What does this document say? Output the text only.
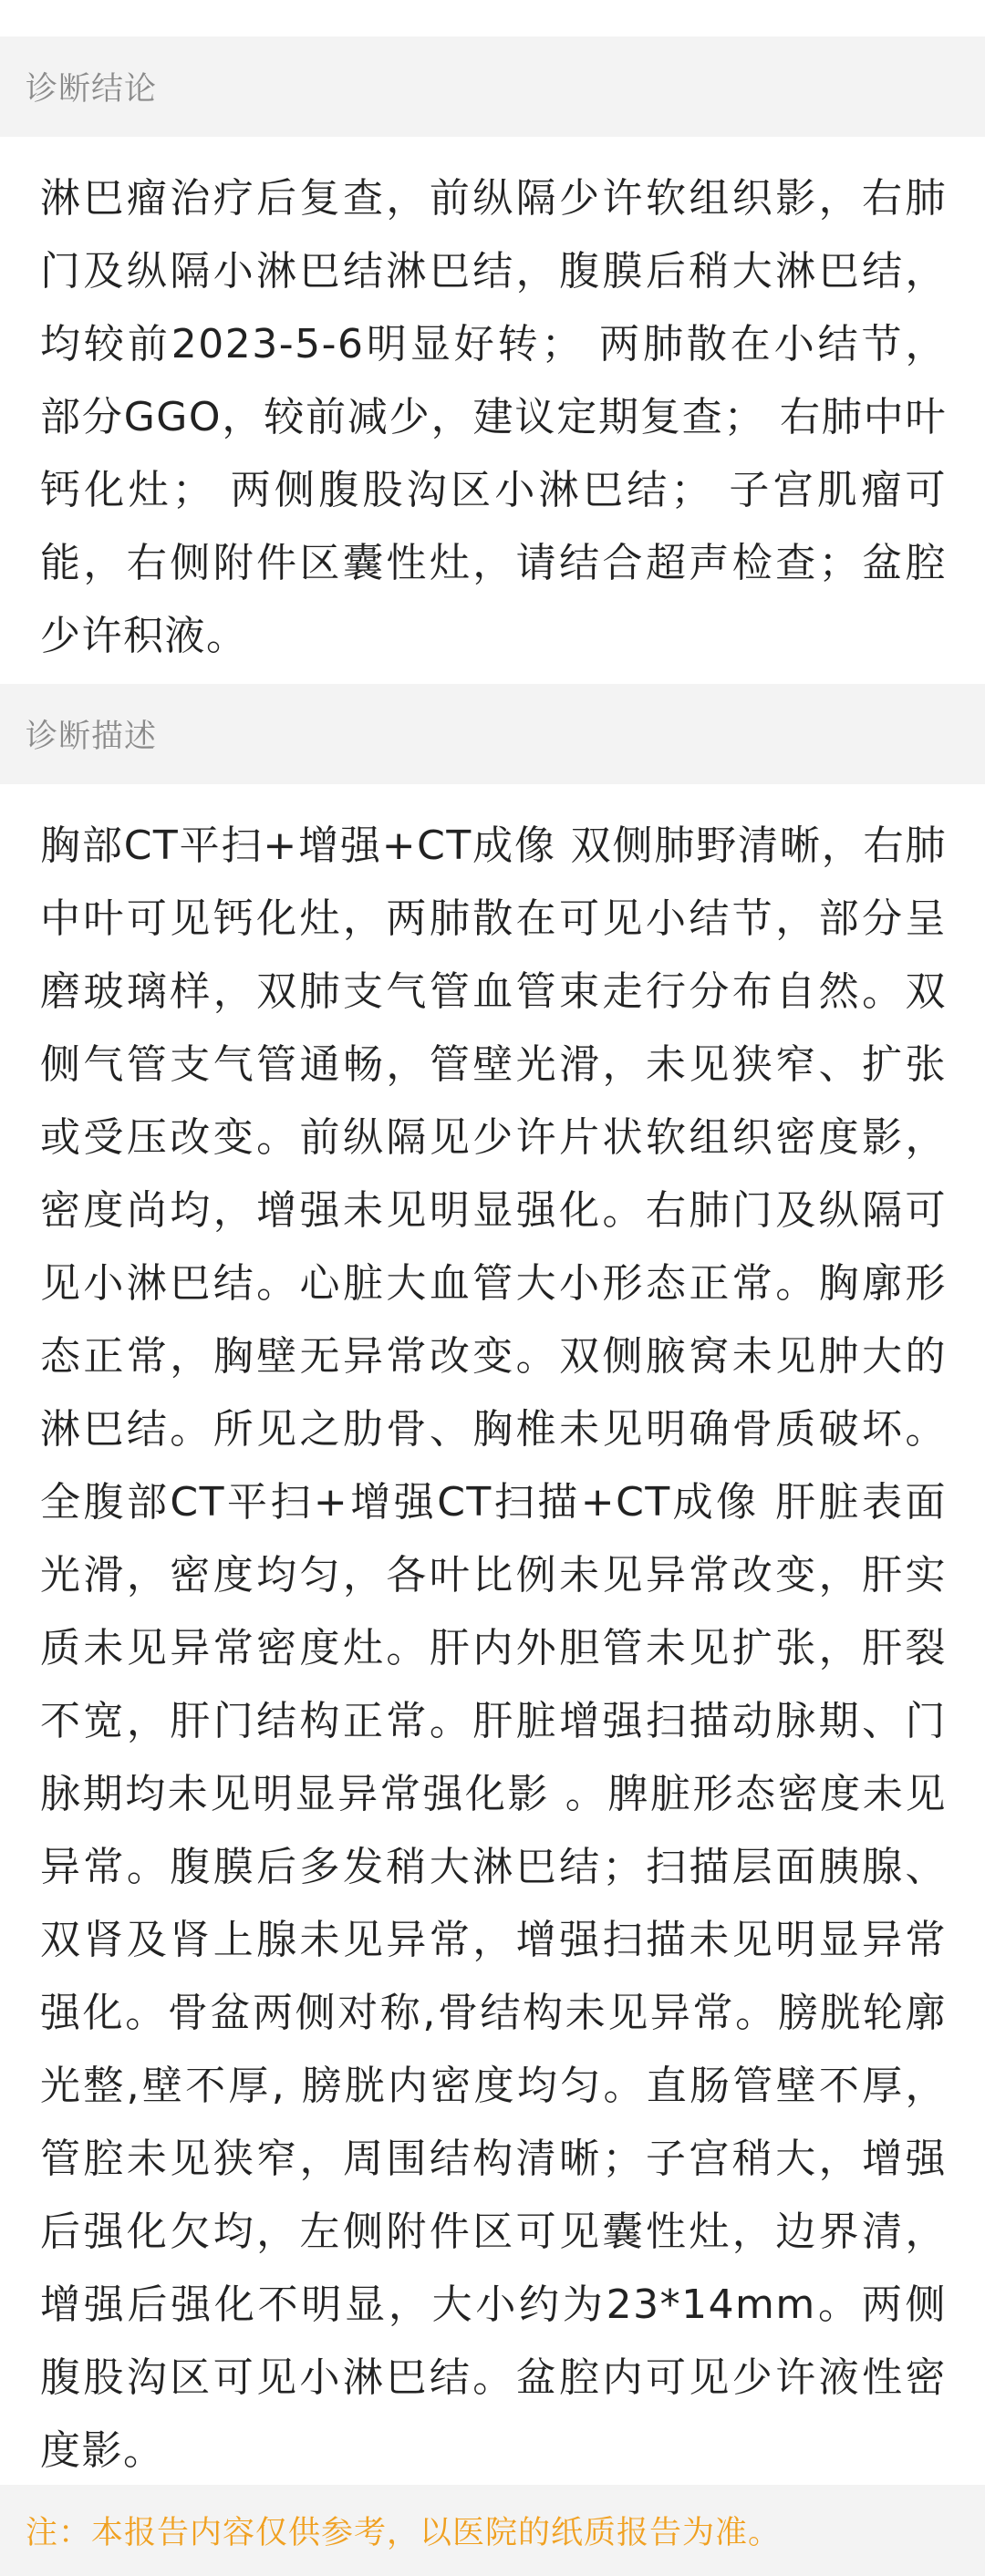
诊断结论

淋巴瘤治疗后复查，前纵隔少许软组织影，右肺门及纵隔小淋巴结淋巴结，腹膜后稍大淋巴结，均较前2023-5-6明显好转； 两肺散在小结节，部分GGO，较前减少，建议定期复查； 右肺中叶钙化灶； 两侧腹股沟区小淋巴结； 子宫肌瘤可能，右侧附件区囊性灶，请结合超声检查；盆腔少许积液。

诊断描述

胸部CT平扫+增强+CT成像 双侧肺野清晰，右肺中叶可见钙化灶，两肺散在可见小结节，部分呈磨玻璃样，双肺支气管血管束走行分布自然。双侧气管支气管通畅，管壁光滑，未见狭窄、扩张或受压改变。前纵隔见少许片状软组织密度影，密度尚均，增强未见明显强化。右肺门及纵隔可见小淋巴结。心脏大血管大小形态正常。胸廓形态正常，胸壁无异常改变。双侧腋窝未见肿大的淋巴结。所见之肋骨、胸椎未见明确骨质破坏。全腹部CT平扫+增强CT扫描+CT成像 肝脏表面光滑，密度均匀，各叶比例未见异常改变，肝实质未见异常密度灶。肝内外胆管未见扩张，肝裂不宽，肝门结构正常。肝脏增强扫描动脉期、门脉期均未见明显异常强化影 。脾脏形态密度未见异常。腹膜后多发稍大淋巴结；扫描层面胰腺、双肾及肾上腺未见异常，增强扫描未见明显异常强化。骨盆两侧对称,骨结构未见异常。膀胱轮廓光整,壁不厚, 膀胱内密度均匀。直肠管壁不厚，管腔未见狭窄，周围结构清晰；子宫稍大，增强后强化欠均，左侧附件区可见囊性灶，边界清，增强后强化不明显，大小约为23*14mm。两侧腹股沟区可见小淋巴结。盆腔内可见少许液性密度影。

注：本报告内容仅供参考，以医院的纸质报告为准。
